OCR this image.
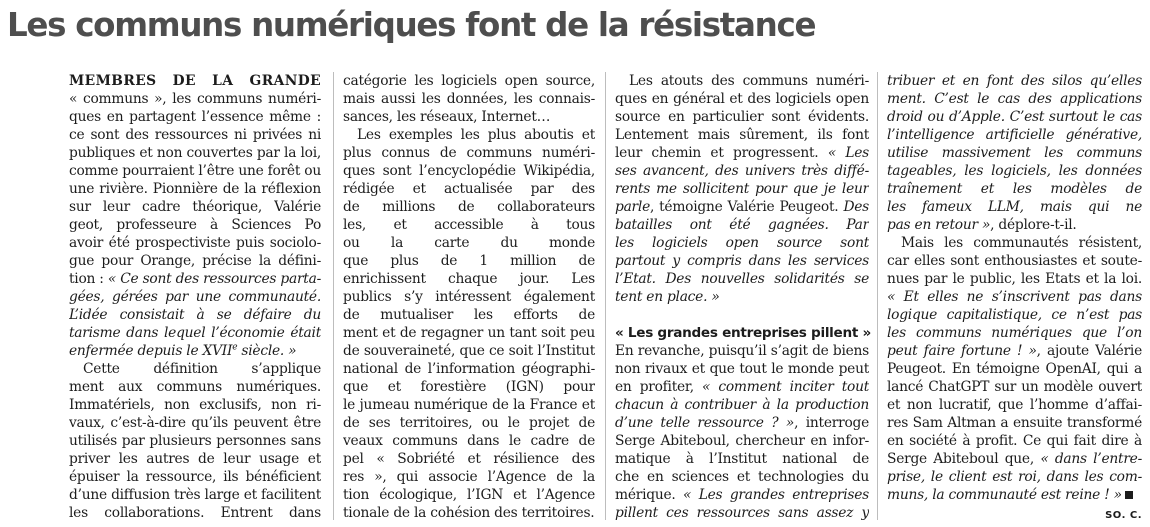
Les communs numériques font de la résistance
MEMBRES DE LA GRANDE
« communs », les communs numéri-
ques en partagent l’essence même :
ce sont des ressources ni privées ni
publiques et non couvertes par la loi,
comme pourraient l’être une forêt ou
une rivière. Pionnière de la réflexion
sur leur cadre théorique, Valérie
geot, professeure à Sciences Po
avoir été prospectiviste puis sociolo-
gue pour Orange, précise la défini-
tion : « Ce sont des ressources parta-
gées, gérées par une communauté.
L’idée consistait à se défaire du
tarisme dans lequel l’économie était
enfermée depuis le XVIIe siècle. »
Cette définition s’applique
ment aux communs numériques.
Immatériels, non exclusifs, non ri-
vaux, c’est-à-dire qu’ils peuvent être
utilisés par plusieurs personnes sans
priver les autres de leur usage et
épuiser la ressource, ils bénéficient
d’une diffusion très large et facilitent
les collaborations. Entrent dans
catégorie les logiciels open source,
mais aussi les données, les connais-
sances, les réseaux, Internet…
Les exemples les plus aboutis et
plus connus de communs numéri-
ques sont l’encyclopédie Wikipédia,
rédigée et actualisée par des
de millions de collaborateurs
les, et accessible à tous
ou la carte du monde
que plus de 1 million de
enrichissent chaque jour. Les
publics s’y intéressent également
de mutualiser les efforts de
ment et de regagner un tant soit peu
de souveraineté, que ce soit l’Institut
national de l’information géographi-
que et forestière (IGN) pour
le jumeau numérique de la France et
de ses territoires, ou le projet de
veaux communs dans le cadre de
pel « Sobriété et résilience des
res », qui associe l’Agence de la
tion écologique, l’IGN et l’Agence
tionale de la cohésion des territoires.
Les atouts des communs numéri-
ques en général et des logiciels open
source en particulier sont évidents.
Lentement mais sûrement, ils font
leur chemin et progressent. « Les
ses avancent, des univers très diffé-
rents me sollicitent pour que je leur
parle, témoigne Valérie Peugeot. Des
batailles ont été gagnées. Par
les logiciels open source sont
partout y compris dans les services
l’Etat. Des nouvelles solidarités se
tent en place. »

« Les grandes entreprises pillent »
En revanche, puisqu’il s’agit de biens
non rivaux et que tout le monde peut
en profiter, « comment inciter tout
chacun à contribuer à la production
d’une telle ressource ? », interroge
Serge Abiteboul, chercheur en infor-
matique à l’Institut national de
che en sciences et technologies du
mérique. « Les grandes entreprises
pillent ces ressources sans assez y
tribuer et en font des silos qu’elles
ment. C’est le cas des applications
droid ou d’Apple. C’est surtout le cas
l’intelligence artificielle générative,
utilise massivement les communs
tageables, les logiciels, les données
traînement et les modèles de
les fameux LLM, mais qui ne
pas en retour », déplore-t-il.
Mais les communautés résistent,
car elles sont enthousiastes et soute-
nues par le public, les Etats et la loi.
« Et elles ne s’inscrivent pas dans
logique capitalistique, ce n’est pas
les communs numériques que l’on
peut faire fortune ! », ajoute Valérie
Peugeot. En témoigne OpenAI, qui a
lancé ChatGPT sur un modèle ouvert
et non lucratif, que l’homme d’affai-
res Sam Altman a ensuite transformé
en société à profit. Ce qui fait dire à
Serge Abiteboul que, « dans l’entre-
prise, le client est roi, dans les com-
muns, la communauté est reine ! »
SO. C.
